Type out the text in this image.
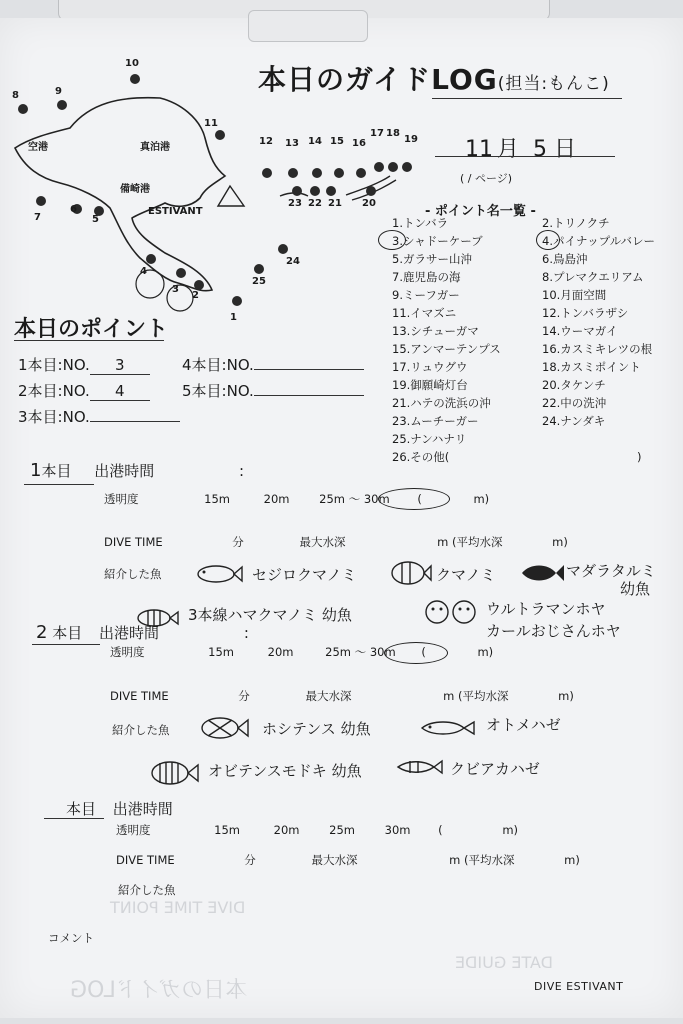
本日のガイドLOG
DATE GUIDE
DIVE TIME POINT
本日のガイドLOG(担当:もんこ)
11 月 5 日
( / ページ)
8	9
10
11
12 13 14 15 16
17 18
19
7
6
5
23 22 21 20
4
3
2
1
25
24
空港	真泊港
備崎港
ESTIVANT	- ポイント名一覧 -
1.トンバラ	2.トリノクチ
3.シャドーケーブ	4.パイナップルバレー
5.ガラサー山沖	6.鳥島沖
7.鹿児島の海	8.プレマクエリアム
9.ミーフガー	10.月面空間
11.イマズニ	12.トンバラザシ
13.シチューガマ	14.ウーマガイ
15.アンマーテンプス	16.カスミキレツの根
17.リュウグウ	18.カスミポイント
19.御願崎灯台	20.タケンチ
21.ハテの洗浜の沖	22.中の洗沖
23.ムーチーガー	24.ナンダキ
25.ナンハナリ
26.その他(	)
本日のポイント
1本目:NO. 3
2本目:NO. 4
3本目:NO.
4本目:NO.
5本目:NO.
1本目 出港時間	:
透明度	15m	20m	25m 〜 30m (	m)
DIVE TIME	分	最大水深	m (平均水深	m)
紹介した魚	セジロクマノミ	クマノミ	マダラタルミ
幼魚
3本線ハマクマノミ 幼魚	ウルトラマンホヤ
カールおじさんホヤ
2 本目 出港時間	:
透明度	15m	20m	25m 〜 30m (	m)
DIVE TIME	分	最大水深	m (平均水深	m)
紹介した魚	ホシテンス 幼魚	オトメハゼ
オビテンスモドキ 幼魚	クビアカハゼ
本目 出港時間
透明度	15m	20m	25m	30m (	m)
DIVE TIME	分	最大水深	m (平均水深	m)
紹介した魚
コメント
DIVE ESTIVANT
